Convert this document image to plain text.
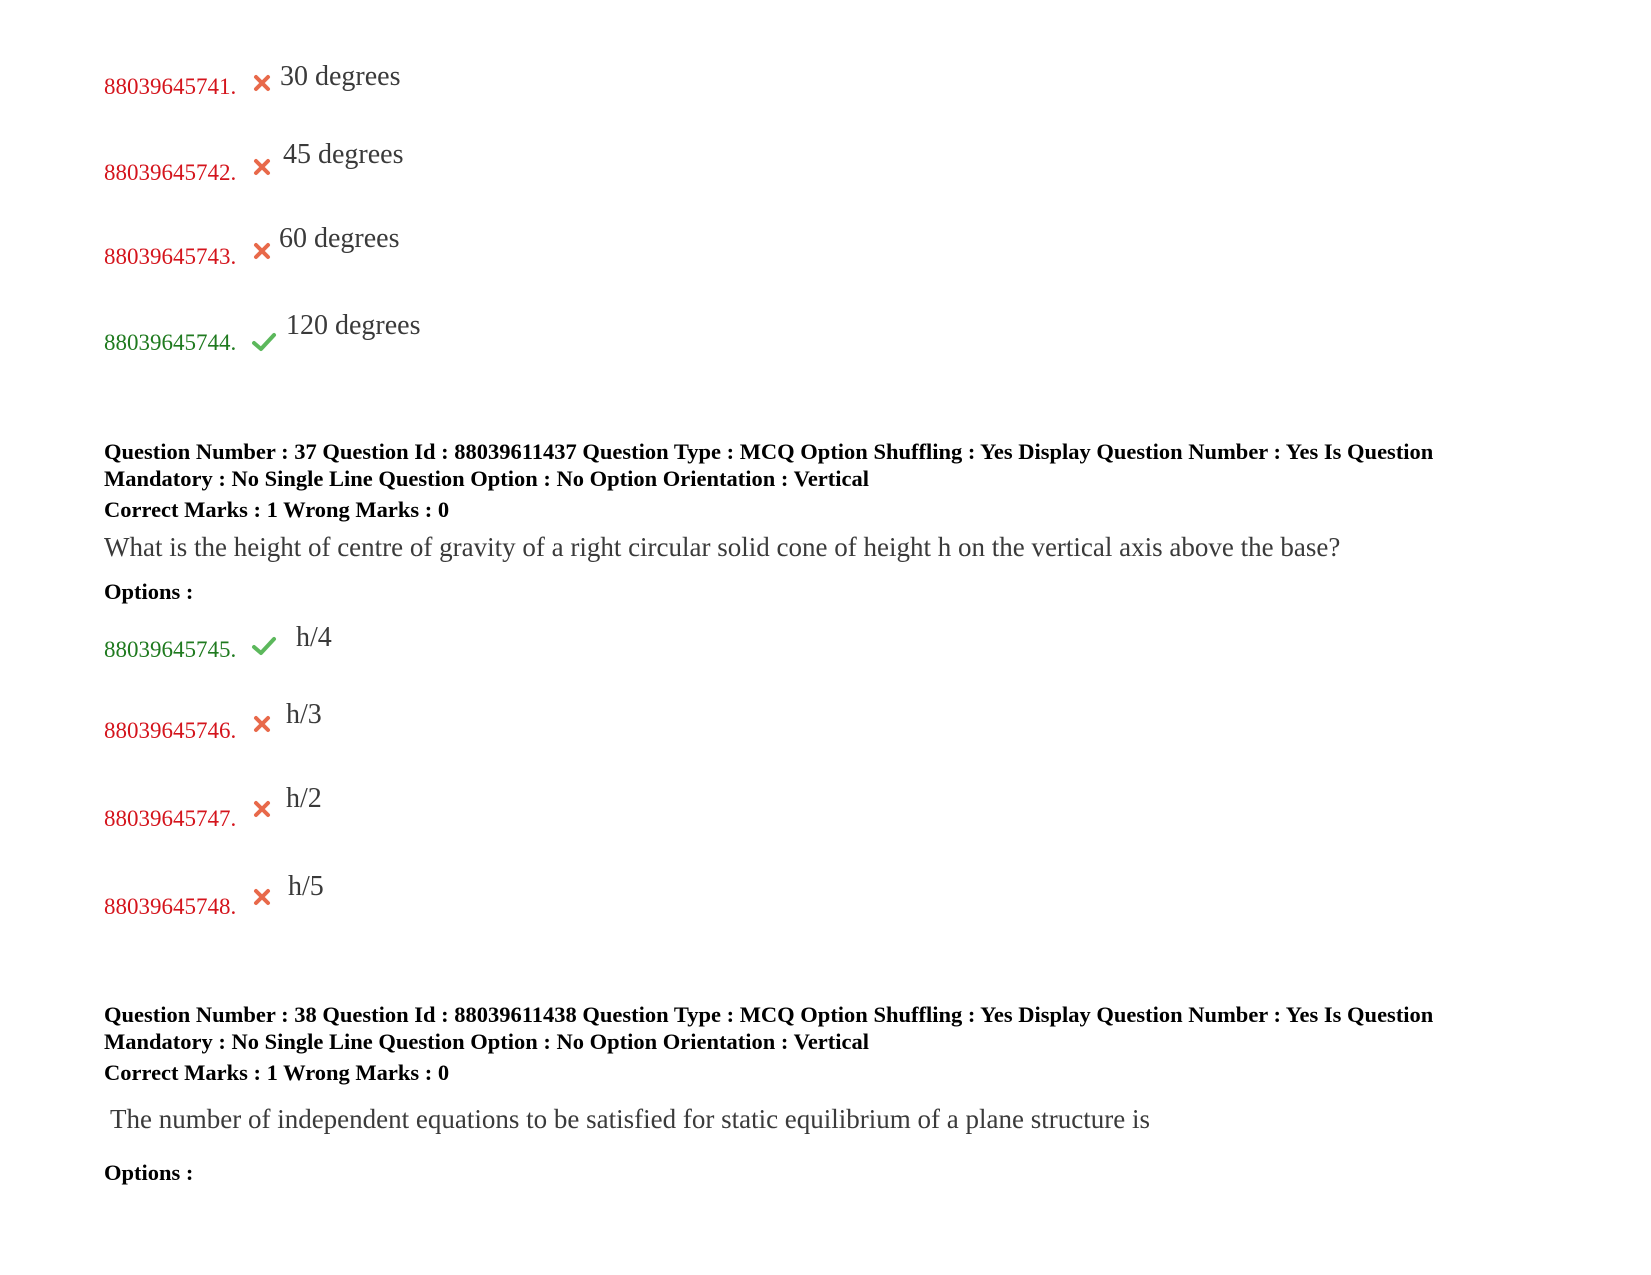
88039645741. 30 degrees
88039645742.
45 degrees
88039645743.
60 degrees
88039645744.
120 degrees
Question Number : 37 Question Id : 88039611437 Question Type : MCQ Option Shuffling : Yes Display Question Number : Yes Is Question Mandatory : No Single Line Question Option : No Option Orientation : Vertical
Correct Marks : 1 Wrong Marks : 0
What is the height of centre of gravity of a right circular solid cone of height h on the vertical axis above the base?
Options :
88039645745. h/4
88039645746.
h/3
88039645747.
h/2
88039645748.
h/5
Question Number : 38 Question Id : 88039611438 Question Type : MCQ Option Shuffling : Yes Display Question Number : Yes Is Question Mandatory : No Single Line Question Option : No Option Orientation : Vertical
Correct Marks : 1 Wrong Marks : 0
The number of independent equations to be satisfied for static equilibrium of a plane structure is
Options :
